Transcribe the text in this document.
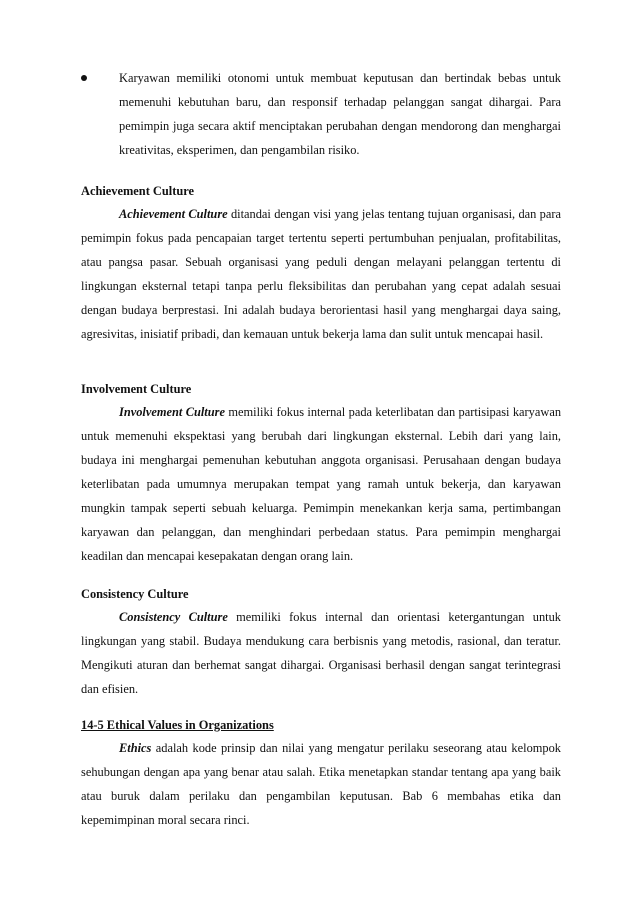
Karyawan memiliki otonomi untuk membuat keputusan dan bertindak bebas untuk memenuhi kebutuhan baru, dan responsif terhadap pelanggan sangat dihargai. Para pemimpin juga secara aktif menciptakan perubahan dengan mendorong dan menghargai kreativitas, eksperimen, dan pengambilan risiko.
Achievement Culture

Achievement Culture ditandai dengan visi yang jelas tentang tujuan organisasi, dan para pemimpin fokus pada pencapaian target tertentu seperti pertumbuhan penjualan, profitabilitas, atau pangsa pasar. Sebuah organisasi yang peduli dengan melayani pelanggan tertentu di lingkungan eksternal tetapi tanpa perlu fleksibilitas dan perubahan yang cepat adalah sesuai dengan budaya berprestasi. Ini adalah budaya berorientasi hasil yang menghargai daya saing, agresivitas, inisiatif pribadi, dan kemauan untuk bekerja lama dan sulit untuk mencapai hasil.

Involvement Culture

Involvement Culture memiliki fokus internal pada keterlibatan dan partisipasi karyawan untuk memenuhi ekspektasi yang berubah dari lingkungan eksternal. Lebih dari yang lain, budaya ini menghargai pemenuhan kebutuhan anggota organisasi. Perusahaan dengan budaya keterlibatan pada umumnya merupakan tempat yang ramah untuk bekerja, dan karyawan mungkin tampak seperti sebuah keluarga. Pemimpin menekankan kerja sama, pertimbangan karyawan dan pelanggan, dan menghindari perbedaan status. Para pemimpin menghargai keadilan dan mencapai kesepakatan dengan orang lain.

Consistency Culture

Consistency Culture memiliki fokus internal dan orientasi ketergantungan untuk lingkungan yang stabil. Budaya mendukung cara berbisnis yang metodis, rasional, dan teratur. Mengikuti aturan dan berhemat sangat dihargai. Organisasi berhasil dengan sangat terintegrasi dan efisien.

14-5 Ethical Values in Organizations

Ethics adalah kode prinsip dan nilai yang mengatur perilaku seseorang atau kelompok sehubungan dengan apa yang benar atau salah. Etika menetapkan standar tentang apa yang baik atau buruk dalam perilaku dan pengambilan keputusan. Bab 6 membahas etika dan kepemimpinan moral secara rinci.
